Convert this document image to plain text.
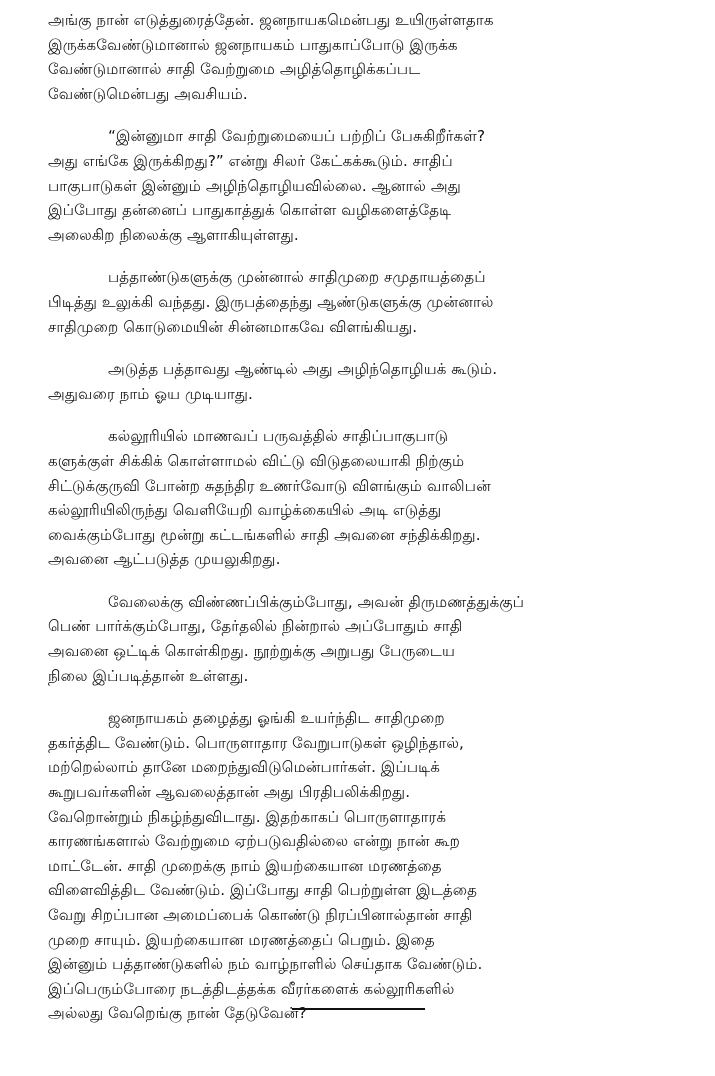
அங்கு நான் எடுத்துரைத்தேன். ஜனநாயகமென்பது உயிருள்ளதாக
இருக்கவேண்டுமானால் ஜனநாயகம் பாதுகாப்போடு இருக்க
வேண்டுமானால் சாதி வேற்றுமை அழித்தொழிக்கப்பட
வேண்டுமென்பது அவசியம்.

“இன்னுமா சாதி வேற்றுமையைப் பற்றிப் பேசுகிறீர்கள்?
அது எங்கே இருக்கிறது?” என்று சிலர் கேட்கக்கூடும். சாதிப்
பாகுபாடுகள் இன்னும் அழிந்தொழியவில்லை. ஆனால் அது
இப்போது தன்னைப் பாதுகாத்துக் கொள்ள வழிகளைத்தேடி
அலைகிற நிலைக்கு ஆளாகியுள்ளது.

பத்தாண்டுகளுக்கு முன்னால் சாதிமுறை சமுதாயத்தைப்
பிடித்து உலுக்கி வந்தது. இருபத்தைந்து ஆண்டுகளுக்கு முன்னால்
சாதிமுறை கொடுமையின் சின்னமாகவே விளங்கியது.

அடுத்த பத்தாவது ஆண்டில் அது அழிந்தொழியக் கூடும்.
அதுவரை நாம் ஓய முடியாது.

கல்லூரியில் மாணவப் பருவத்தில் சாதிப்பாகுபாடு
களுக்குள் சிக்கிக் கொள்ளாமல் விட்டு விடுதலையாகி நிற்கும்
சிட்டுக்குருவி போன்ற சுதந்திர உணர்வோடு விளங்கும் வாலிபன்
கல்லூரியிலிருந்து வெளியேறி வாழ்க்கையில் அடி எடுத்து
வைக்கும்போது மூன்று கட்டங்களில் சாதி அவனை சந்திக்கிறது.
அவனை ஆட்படுத்த முயலுகிறது.

வேலைக்கு விண்ணப்பிக்கும்போது, அவன் திருமணத்துக்குப்
பெண் பார்க்கும்போது, தேர்தலில் நின்றால் அப்போதும் சாதி
அவனை ஒட்டிக் கொள்கிறது. நூற்றுக்கு அறுபது பேருடைய
நிலை இப்படித்தான் உள்ளது.

ஜனநாயகம் தழைத்து ஓங்கி உயர்ந்திட சாதிமுறை
தகர்த்திட வேண்டும். பொருளாதார வேறுபாடுகள் ஒழிந்தால்,
மற்றெல்லாம் தானே மறைந்துவிடுமென்பார்கள். இப்படிக்
கூறுபவர்களின் ஆவலைத்தான் அது பிரதிபலிக்கிறது.
வேறொன்றும் நிகழ்ந்துவிடாது. இதற்காகப் பொருளாதாரக்
காரணங்களால் வேற்றுமை ஏற்படுவதில்லை என்று நான் கூற
மாட்டேன். சாதி முறைக்கு நாம் இயற்கையான மரணத்தை
விளைவித்திட வேண்டும். இப்போது சாதி பெற்றுள்ள இடத்தை
வேறு சிறப்பான அமைப்பைக் கொண்டு நிரப்பினால்தான் சாதி
முறை சாயும். இயற்கையான மரணத்தைப் பெறும். இதை
இன்னும் பத்தாண்டுகளில் நம் வாழ்நாளில் செய்தாக வேண்டும்.
இப்பெரும்போரை நடத்திடத்தக்க வீரர்களைக் கல்லூரிகளில்
அல்லது வேறெங்கு நான் தேடுவேன்?
